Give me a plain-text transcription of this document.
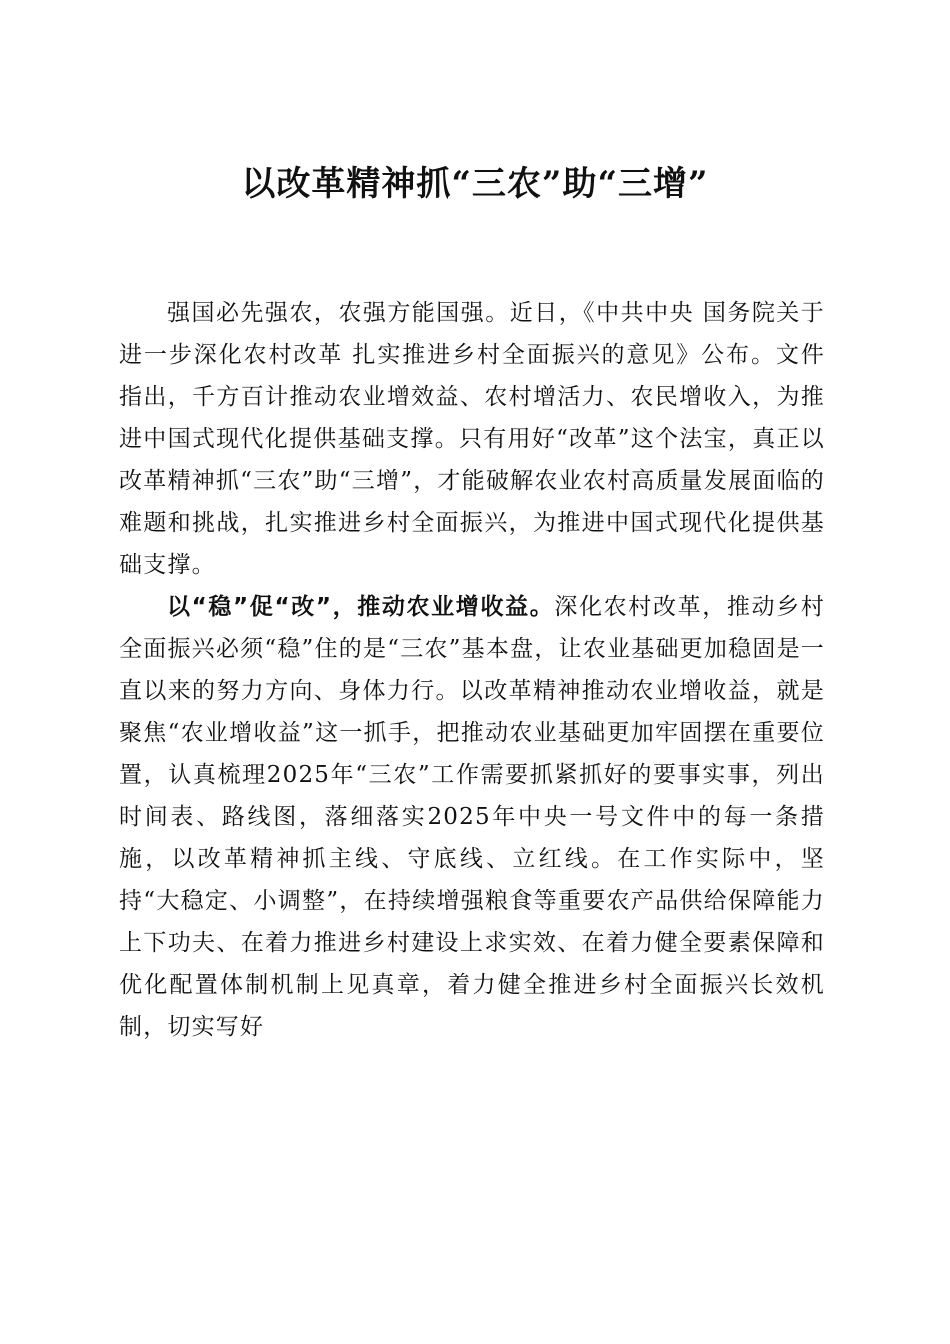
以改革精神抓“三农”助“三增”

强国必先强农，农强方能国强。近日，《中共中央 国务院关于进一步深化农村改革 扎实推进乡村全面振兴的意见》公布。文件指出，千方百计推动农业增效益、农村增活力、农民增收入，为推进中国式现代化提供基础支撑。只有用好“改革”这个法宝，真正以改革精神抓“三农”助“三增”，才能破解农业农村高质量发展面临的难题和挑战，扎实推进乡村全面振兴，为推进中国式现代化提供基础支撑。

以“稳”促“改”，推动农业增收益。深化农村改革，推动乡村全面振兴必须“稳”住的是“三农”基本盘，让农业基础更加稳固是一直以来的努力方向、身体力行。以改革精神推动农业增收益，就是聚焦“农业增收益”这一抓手，把推动农业基础更加牢固摆在重要位置，认真梳理2025年“三农”工作需要抓紧抓好的要事实事，列出时间表、路线图，落细落实2025年中央一号文件中的每一条措施，以改革精神抓主线、守底线、立红线。在工作实际中，坚持“大稳定、小调整”，在持续增强粮食等重要农产品供给保障能力上下功夫、在着力推进乡村建设上求实效、在着力健全要素保障和优化配置体制机制上见真章，着力健全推进乡村全面振兴长效机制，切实写好
